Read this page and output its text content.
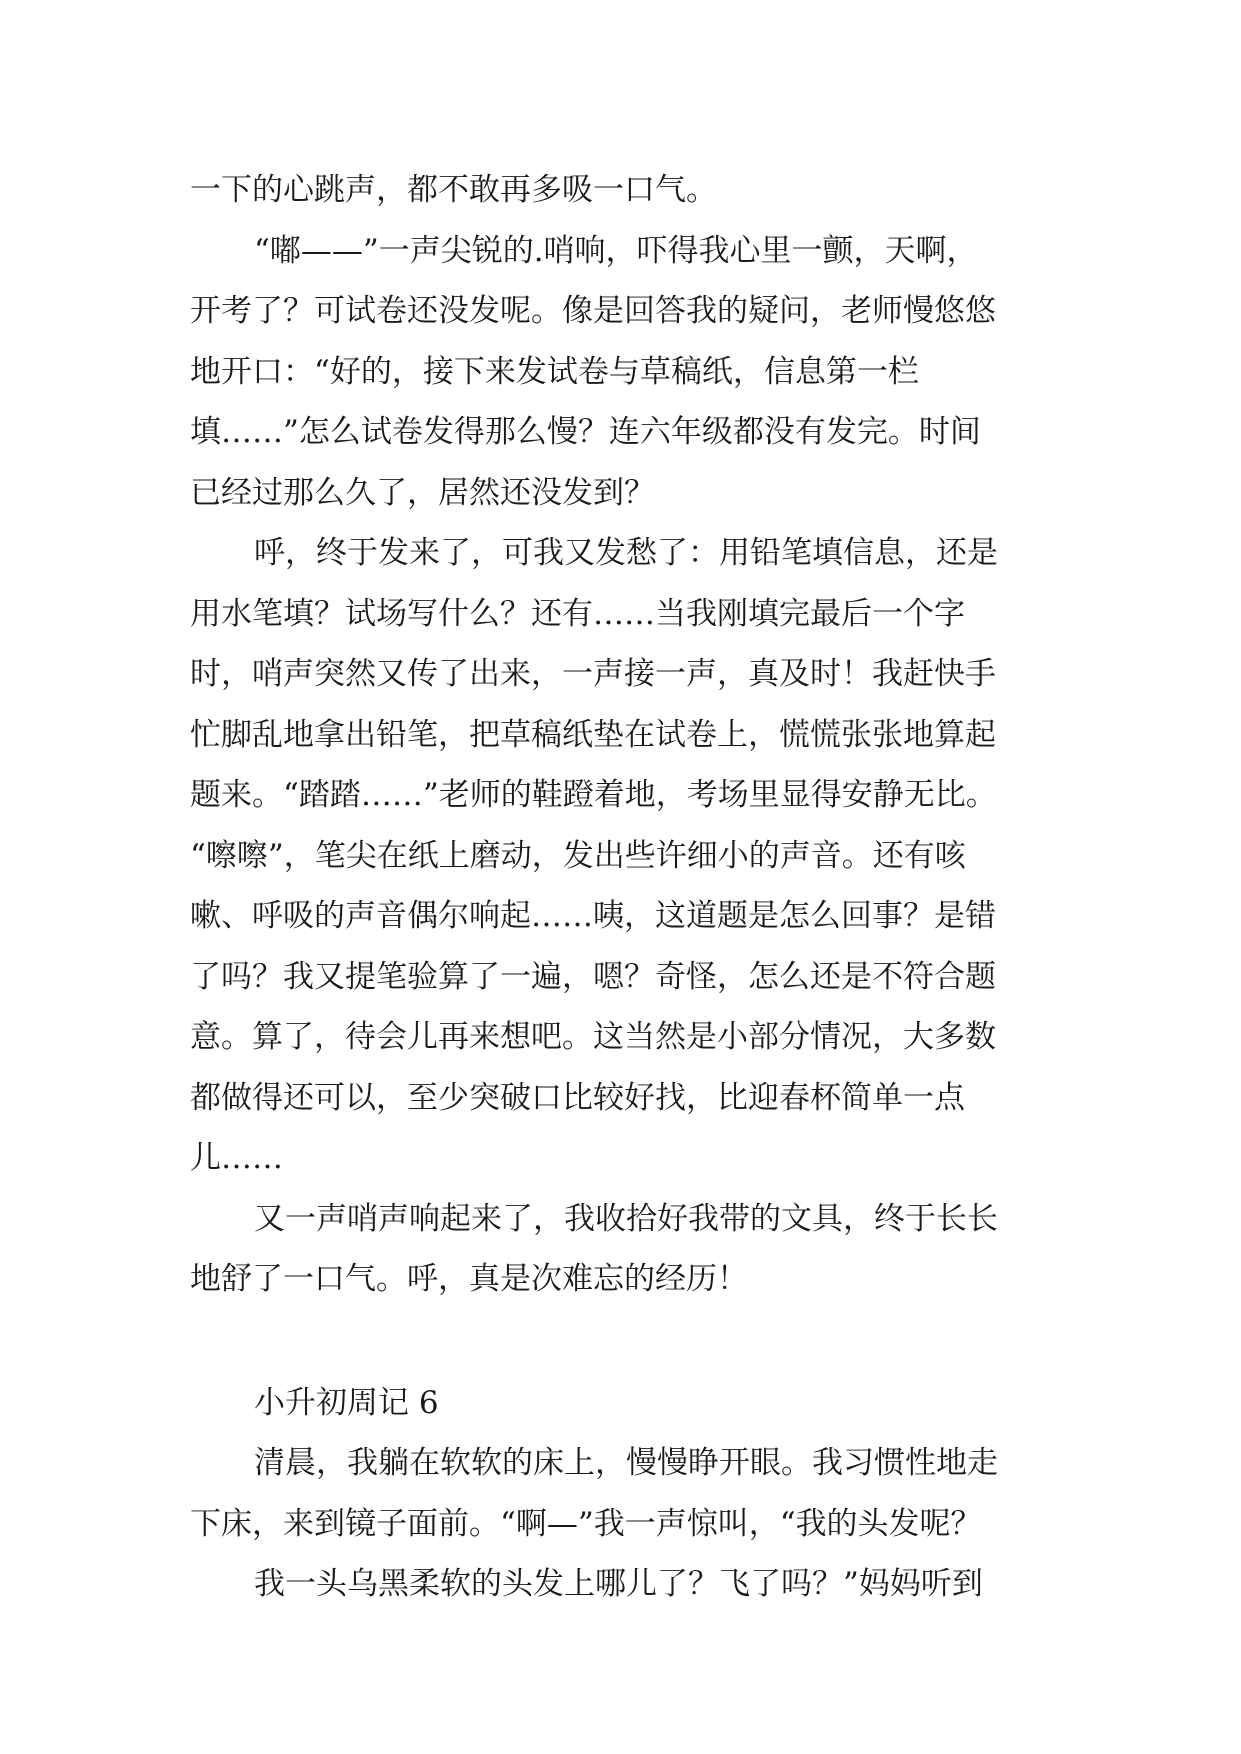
一下的心跳声，都不敢再多吸一口气。

“嘟——”一声尖锐的.哨响，吓得我心里一颤，天啊，

开考了？可试卷还没发呢。像是回答我的疑问，老师慢悠悠

地开口：“好的，接下来发试卷与草稿纸，信息第一栏

填……”怎么试卷发得那么慢？连六年级都没有发完。时间

已经过那么久了，居然还没发到？

呼，终于发来了，可我又发愁了：用铅笔填信息，还是

用水笔填？试场写什么？还有……当我刚填完最后一个字

时，哨声突然又传了出来，一声接一声，真及时！我赶快手

忙脚乱地拿出铅笔，把草稿纸垫在试卷上，慌慌张张地算起

题来。“踏踏……”老师的鞋蹬着地，考场里显得安静无比。

“嚓嚓”，笔尖在纸上磨动，发出些许细小的声音。还有咳

嗽、呼吸的声音偶尔响起……咦，这道题是怎么回事？是错

了吗？我又提笔验算了一遍，嗯？奇怪，怎么还是不符合题

意。算了，待会儿再来想吧。这当然是小部分情况，大多数

都做得还可以，至少突破口比较好找，比迎春杯简单一点

儿……

又一声哨声响起来了，我收拾好我带的文具，终于长长

地舒了一口气。呼，真是次难忘的经历！

小升初周记 6

清晨，我躺在软软的床上，慢慢睁开眼。我习惯性地走

下床，来到镜子面前。“啊—”我一声惊叫，“我的头发呢？

我一头乌黑柔软的头发上哪儿了？飞了吗？”妈妈听到
